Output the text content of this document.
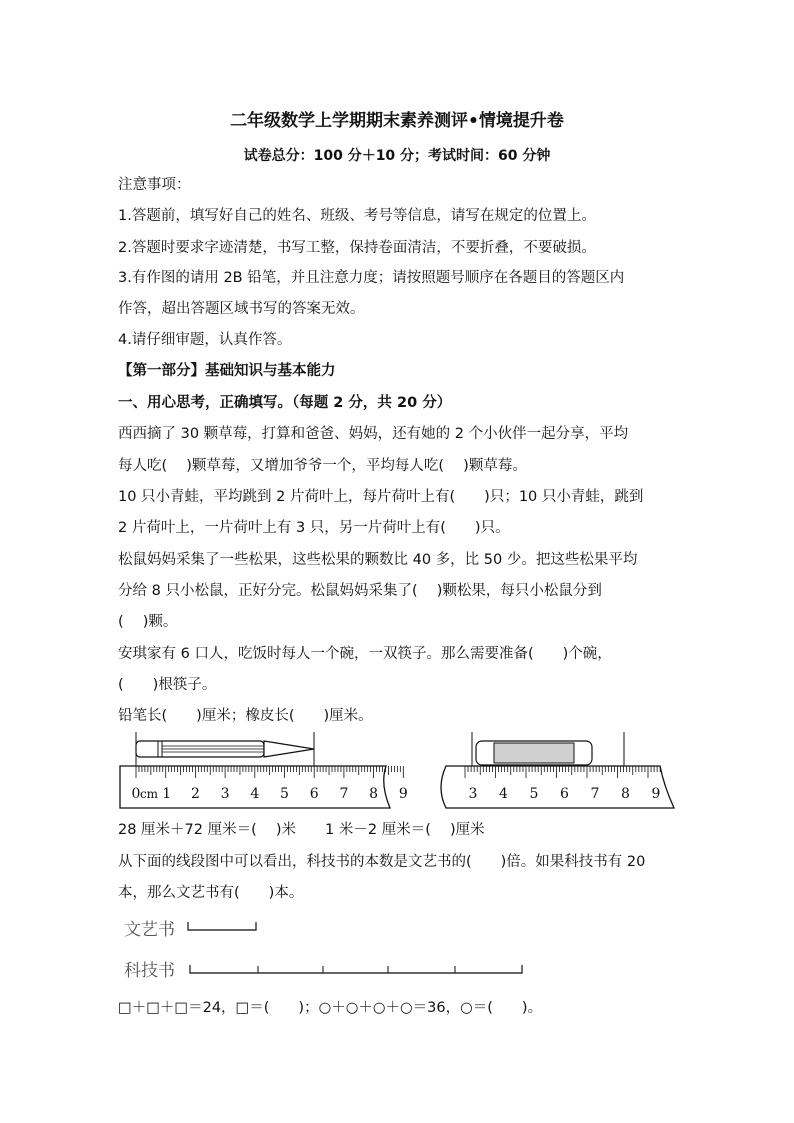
二年级数学上学期期末素养测评•情境提升卷
试卷总分：100 分＋10 分；考试时间：60 分钟
注意事项：
1.答题前，填写好自己的姓名、班级、考号等信息，请写在规定的位置上。
2.答题时要求字迹清楚，书写工整，保持卷面清洁，不要折叠，不要破损。
3.有作图的请用 2B 铅笔，并且注意力度；请按照题号顺序在各题目的答题区内
作答，超出答题区域书写的答案无效。
4.请仔细审题，认真作答。
【第一部分】基础知识与基本能力
一、用心思考，正确填写。（每题 2 分，共 20 分）
西西摘了 30 颗草莓，打算和爸爸、妈妈，还有她的 2 个小伙伴一起分享，平均
每人吃(　 )颗草莓，又增加爷爷一个，平均每人吃(　 )颗草莓。
10 只小青蛙，平均跳到 2 片荷叶上，每片荷叶上有(　　)只；10 只小青蛙，跳到
2 片荷叶上，一片荷叶上有 3 只，另一片荷叶上有(　　)只。
松鼠妈妈采集了一些松果，这些松果的颗数比 40 多，比 50 少。把这些松果平均
分给 8 只小松鼠，正好分完。松鼠妈妈采集了(　 )颗松果，每只小松鼠分到
(　 )颗。
安琪家有 6 口人，吃饭时每人一个碗，一双筷子。那么需要准备(　　)个碗，
(　　)根筷子。
铅笔长(　　)厘米；橡皮长(　　)厘米。
0 cm 1 2 3 4 5 6 7 8 9	3 4 5 6 7 8 9
28 厘米＋72 厘米＝(　 )米　　1 米－2 厘米＝(　 )厘米
从下面的线段图中可以看出，科技书的本数是文艺书的(　　)倍。如果科技书有 20
本，那么文艺书有(　　)本。
文艺书
科技书
□＋□＋□＝24，□＝(　　)；○＋○＋○＋○＝36，○＝(　　)。
